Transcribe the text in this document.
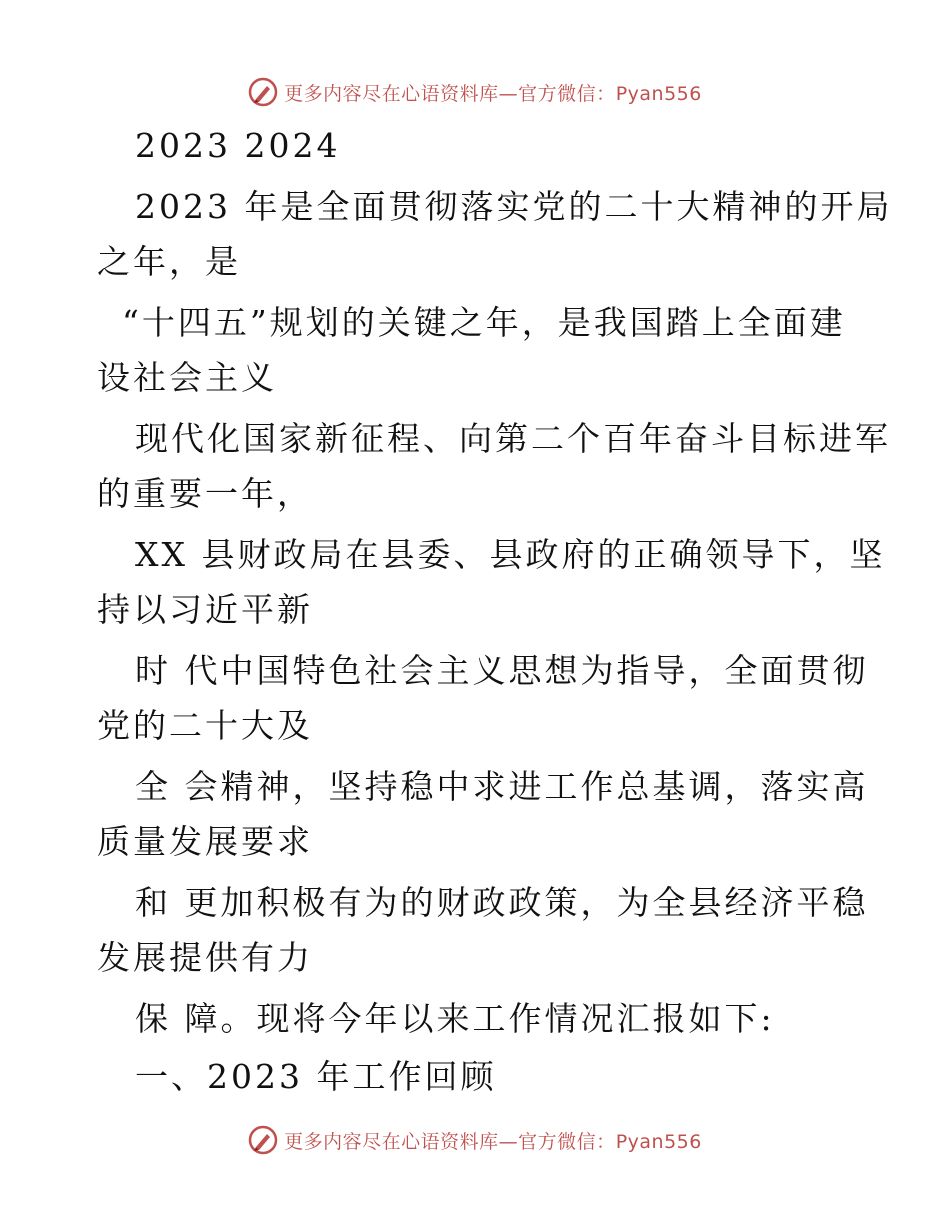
更多内容尽在心语资料库—官方微信：Pyan556
2023 2024
2023 年是全面贯彻落实党的二十大精神的开局
之年，是
“十四五”规划的关键之年，是我国踏上全面建
设社会主义
现代化国家新征程、向第二个百年奋斗目标进军
的重要一年，
XX 县财政局在县委、县政府的正确领导下，坚
持以习近平新
时 代中国特色社会主义思想为指导，全面贯彻
党的二十大及
全 会精神，坚持稳中求进工作总基调，落实高
质量发展要求
和 更加积极有为的财政政策，为全县经济平稳
发展提供有力
保 障。现将今年以来工作情况汇报如下:
一、2023 年工作回顾
更多内容尽在心语资料库—官方微信：Pyan556
